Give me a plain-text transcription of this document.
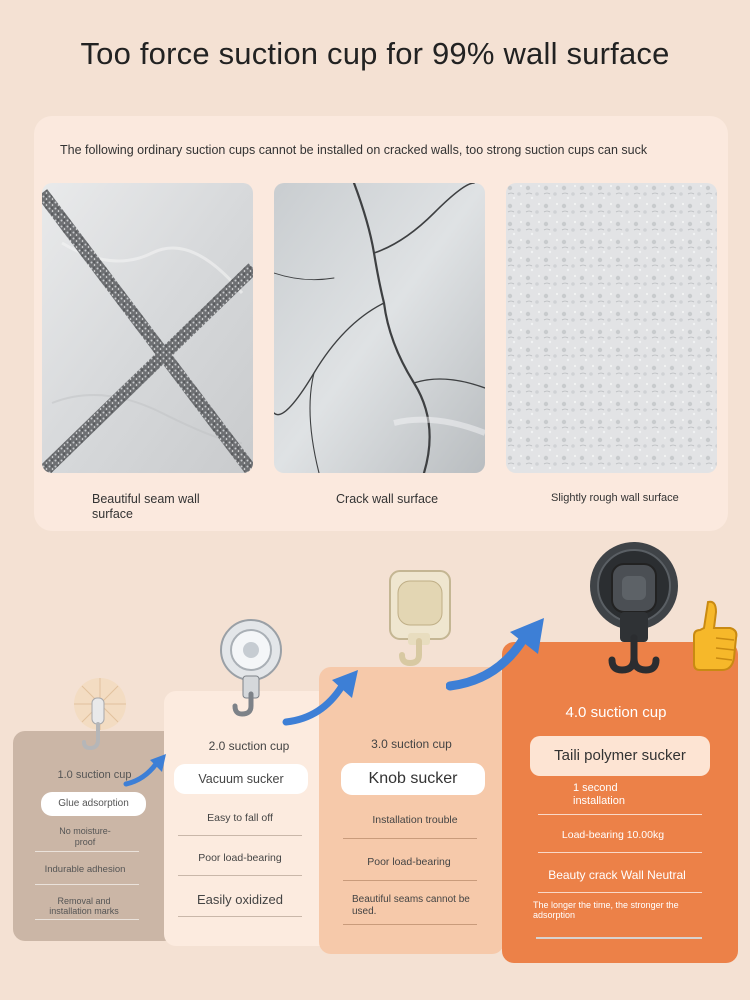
Too force suction cup for 99% wall surface
The following ordinary suction cups cannot be installed on cracked walls, too strong suction cups can suck
Beautiful seam wall surface
Crack wall surface	Slightly rough wall surface
1.0 suction cup
Glue adsorption
No moisture-proof
Indurable adhesion
Removal and installation marks
2.0 suction cup
Vacuum sucker
Easy to fall off
Poor load-bearing
Easily oxidized
3.0 suction cup
Knob sucker
Installation trouble
Poor load-bearing
Beautiful seams cannot be used.
4.0 suction cup
Taili polymer sucker
1 second installation
Load-bearing 10.00kg
Beauty crack Wall Neutral
The longer the time, the stronger the adsorption
